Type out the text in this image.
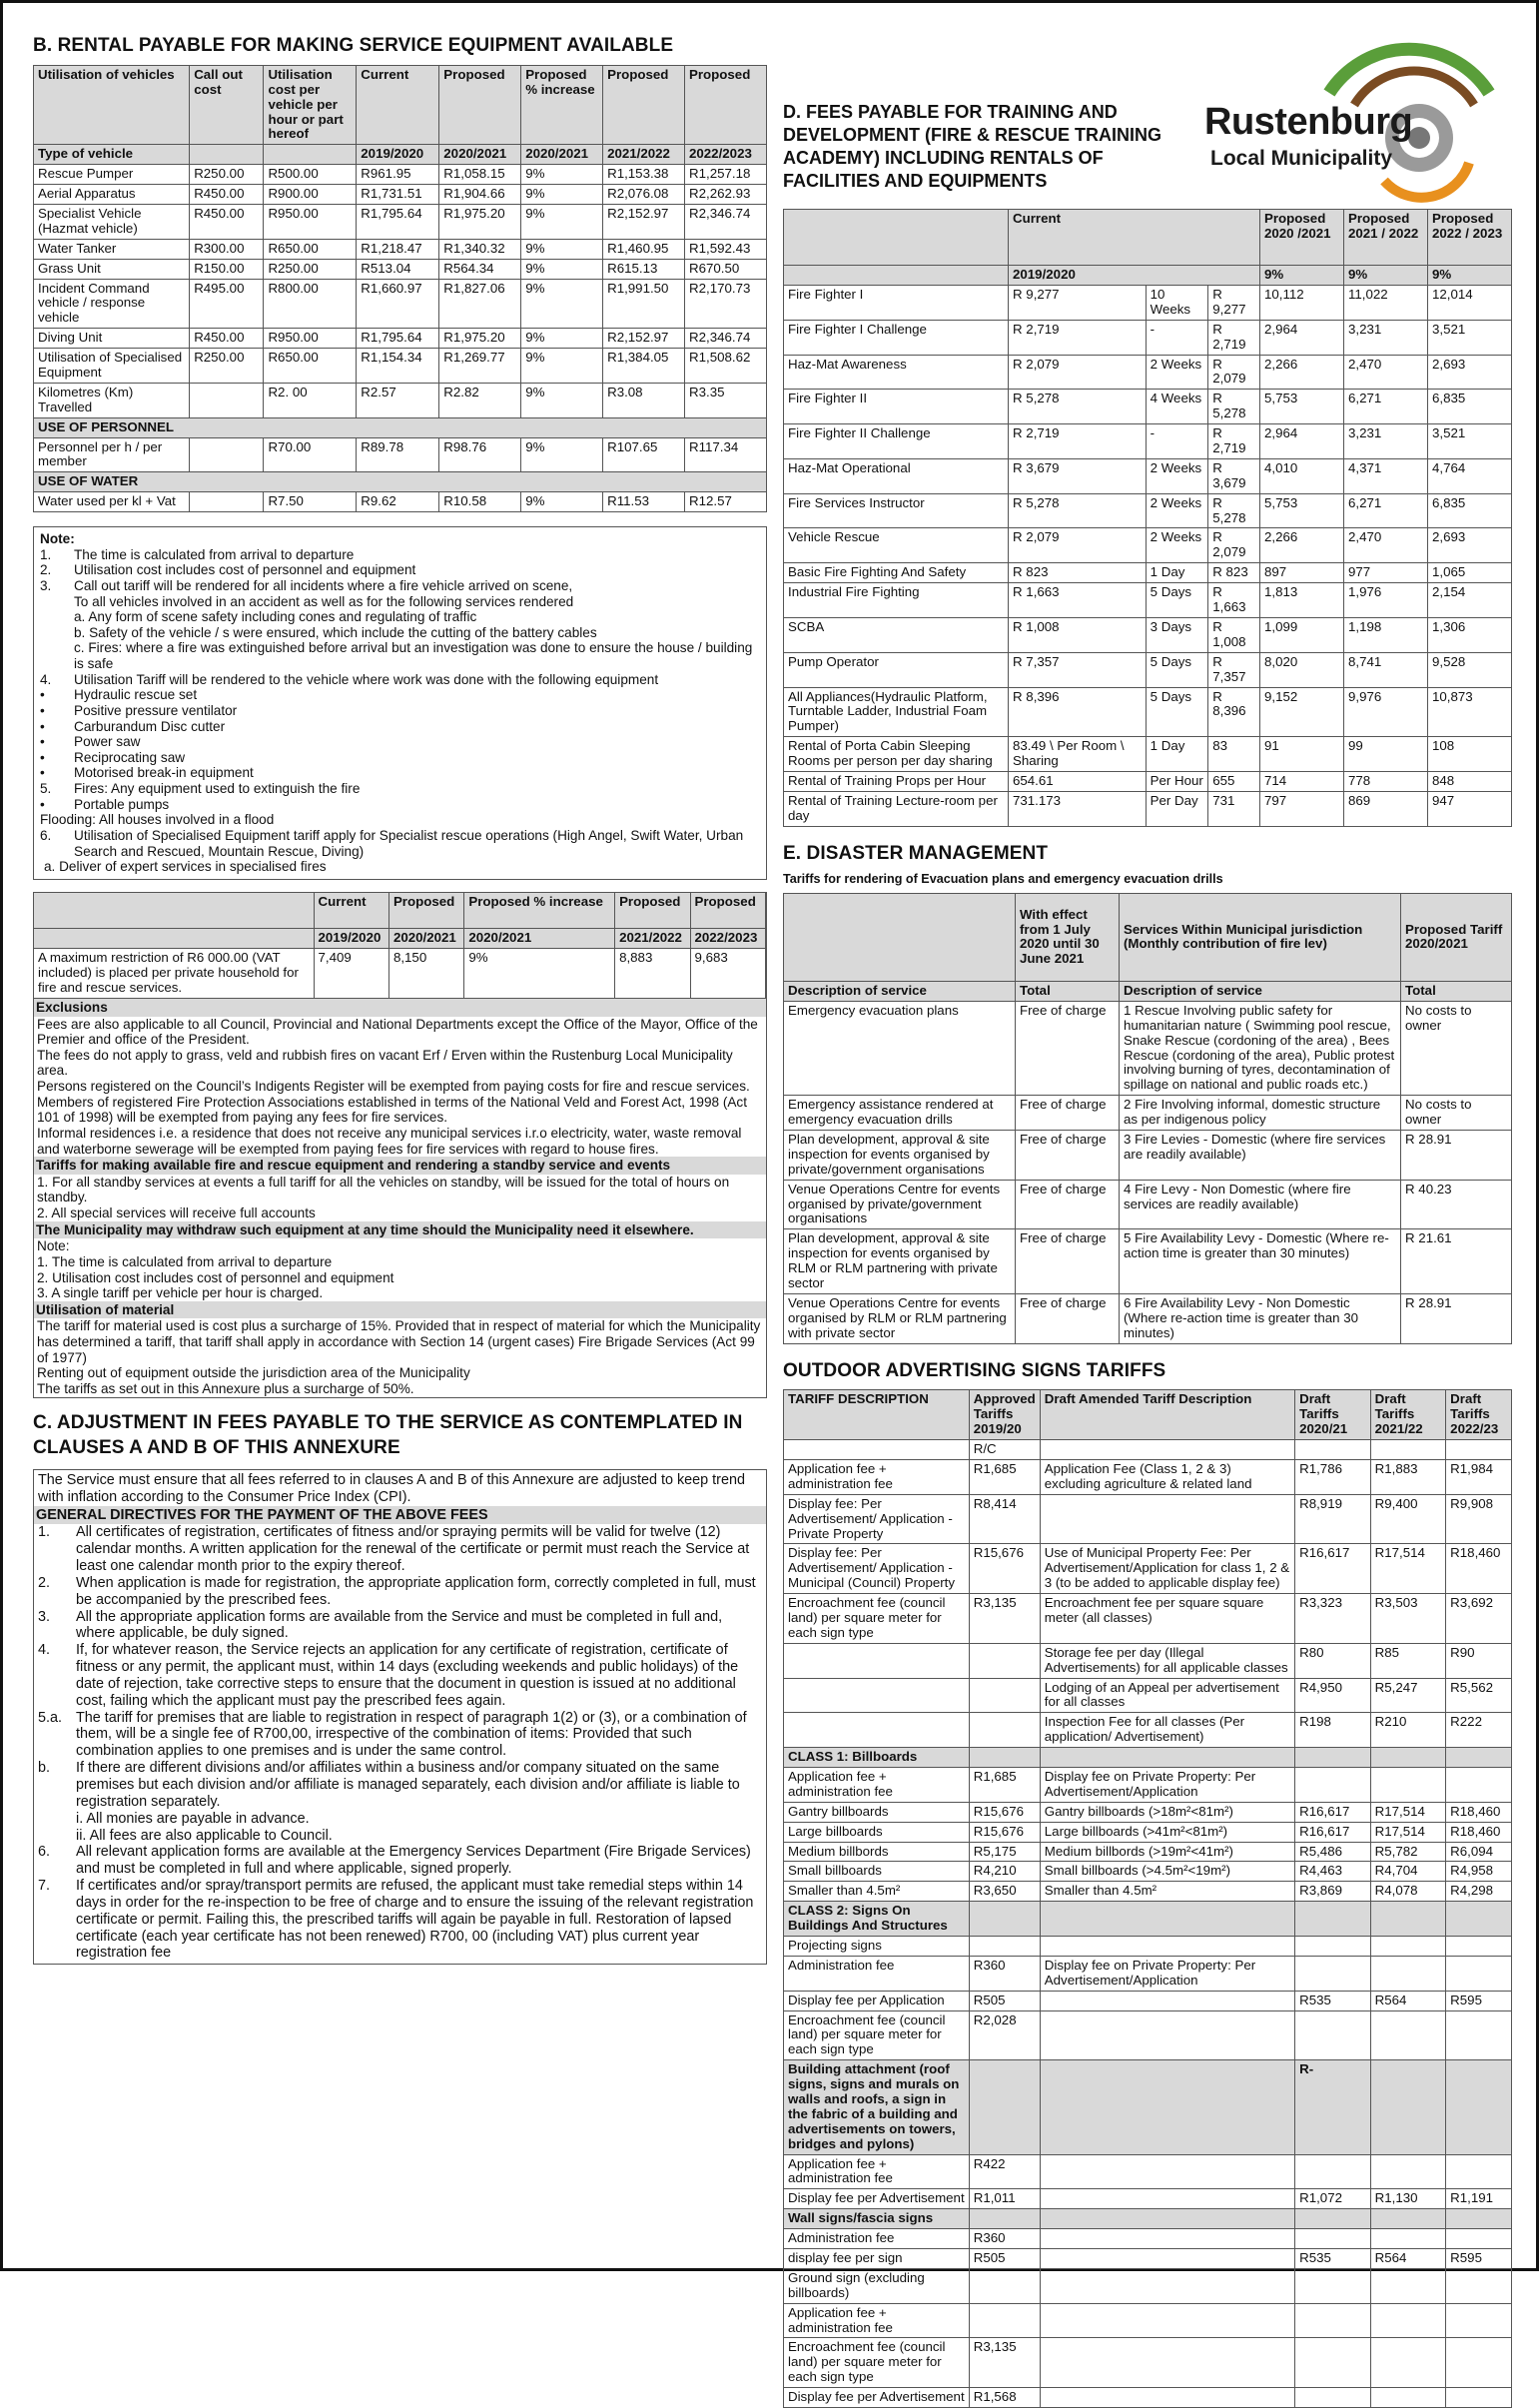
B. RENTAL PAYABLE FOR MAKING SERVICE EQUIPMENT AVAILABLE
Utilisation of vehicles	Call out cost	Utilisation cost per vehicle per hour or part hereof	Current	Proposed	Proposed % increase	Proposed	Proposed
Type of vehicle			2019/2020	2020/2021	2020/2021	2021/2022	2022/2023
Rescue Pumper	R250.00	R500.00	R961.95	R1,058.15	9%	R1,153.38	R1,257.18
Aerial Apparatus	R450.00	R900.00	R1,731.51	R1,904.66	9%	R2,076.08	R2,262.93
Specialist Vehicle (Hazmat vehicle)	R450.00	R950.00	R1,795.64	R1,975.20	9%	R2,152.97	R2,346.74
Water Tanker	R300.00	R650.00	R1,218.47	R1,340.32	9%	R1,460.95	R1,592.43
Grass Unit	R150.00	R250.00	R513.04	R564.34	9%	R615.13	R670.50
Incident Command vehicle / response vehicle	R495.00	R800.00	R1,660.97	R1,827.06	9%	R1,991.50	R2,170.73
Diving Unit	R450.00	R950.00	R1,795.64	R1,975.20	9%	R2,152.97	R2,346.74
Utilisation of Specialised Equipment	R250.00	R650.00	R1,154.34	R1,269.77	9%	R1,384.05	R1,508.62
Kilometres (Km) Travelled		R2. 00	R2.57	R2.82	9%	R3.08	R3.35
USE OF PERSONNEL							
Personnel per h / per member		R70.00	R89.78	R98.76	9%	R107.65	R117.34
USE OF WATER							
Water used per kl + Vat		R7.50	R9.62	R10.58	9%	R11.53	R12.57
Note:
1.	The time is calculated from arrival to departure
2.	Utilisation cost includes cost of personnel and equipment
3.	Call out tariff will be rendered for all incidents where a fire vehicle arrived on scene,
To all vehicles involved in an accident as well as for the following services rendered
a. Any form of scene safety including cones and regulating of traffic
b. Safety of the vehicle / s were ensured, which include the cutting of the battery cables
c. Fires: where a fire was extinguished before arrival but an investigation was done to ensure the house / building is safe
4.	Utilisation Tariff will be rendered to the vehicle where work was done with the following equipment
•	Hydraulic rescue set
•	Positive pressure ventilator
•	Carburandum Disc cutter
•	Power saw
•	Reciprocating saw
•	Motorised break-in equipment
5.	Fires: Any equipment used to extinguish the fire
•	Portable pumps
Flooding: All houses involved in a flood
6.	Utilisation of Specialised Equipment tariff apply for Specialist rescue operations (High Angel, Swift Water, Urban Search and Rescued, Mountain Rescue, Diving)
a. Deliver of expert services in specialised fires
	Current	Proposed	Proposed % increase	Proposed	Proposed
	2019/2020	2020/2021	2020/2021	2021/2022	2022/2023
A maximum restriction of R6 000.00 (VAT included) is placed per private household for fire and rescue services.	7,409	8,150	9%	8,883	9,683
Exclusions
Fees are also applicable to all Council, Provincial and National Departments except the Office of the Mayor, Office of the Premier and office of the President.
The fees do not apply to grass, veld and rubbish fires on vacant Erf / Erven within the Rustenburg Local Municipality area.
Persons registered on the Council’s Indigents Register will be exempted from paying costs for fire and rescue services.
Members of registered Fire Protection Associations established in terms of the National Veld and Forest Act, 1998 (Act 101 of 1998) will be exempted from paying any fees for fire services.
Informal residences i.e. a residence that does not receive any municipal services i.r.o electricity, water, waste removal and waterborne sewerage will be exempted from paying fees for fire services with regard to house fires.
Tariffs for making available fire and rescue equipment and rendering a standby service and events
1. For all standby services at events a full tariff for all the vehicles on standby, will be issued for the total of hours on standby.
2. All special services will receive full accounts
The Municipality may withdraw such equipment at any time should the Municipality need it elsewhere.
Note:
1. The time is calculated from arrival to departure
2. Utilisation cost includes cost of personnel and equipment
3. A single tariff per vehicle per hour is charged.
Utilisation of material
The tariff for material used is cost plus a surcharge of 15%. Provided that in respect of material for which the Municipality has determined a tariff, that tariff shall apply in accordance with Section 14 (urgent cases) Fire Brigade Services (Act 99 of 1977)
Renting out of equipment outside the jurisdiction area of the Municipality
The tariffs as set out in this Annexure plus a surcharge of 50%.
C. ADJUSTMENT IN FEES PAYABLE TO THE SERVICE AS CONTEMPLATED IN CLAUSES A AND B OF THIS ANNEXURE
The Service must ensure that all fees referred to in clauses A and B of this Annexure are adjusted to keep trend with inflation according to the Consumer Price Index (CPI).
GENERAL DIRECTIVES FOR THE PAYMENT OF THE ABOVE FEES
1.	All certificates of registration, certificates of fitness and/or spraying permits will be valid for twelve (12) calendar months. A written application for the renewal of the certificate or permit must reach the Service at least one calendar month prior to the expiry thereof.
2.	When application is made for registration, the appropriate application form, correctly completed in full, must be accompanied by the prescribed fees.
3.	All the appropriate application forms are available from the Service and must be completed in full and, where applicable, be duly signed.
4.	If, for whatever reason, the Service rejects an application for any certificate of registration, certificate of fitness or any permit, the applicant must, within 14 days (excluding weekends and public holidays) of the date of rejection, take corrective steps to ensure that the document in question is issued at no additional cost, failing which the applicant must pay the prescribed fees again.
5.a. The tariff for premises that are liable to registration in respect of paragraph 1(2) or (3), or a combination of them, will be a single fee of R700,00, irrespective of the combination of items: Provided that such combination applies to one premises and is under the same control.
b.	If there are different divisions and/or affiliates within a business and/or company situated on the same premises but each division and/or affiliate is managed separately, each division and/or affiliate is liable to registration separately.
i. All monies are payable in advance.
ii. All fees are also applicable to Council.
6.	All relevant application forms are available at the Emergency Services Department (Fire Brigade Services) and must be completed in full and where applicable, signed properly.
7.	If certificates and/or spray/transport permits are refused, the applicant must take remedial steps within 14 days in order for the re-inspection to be free of charge and to ensure the issuing of the relevant registration certificate or permit. Failing this, the prescribed tariffs will again be payable in full. Restoration of lapsed certificate (each year certificate has not been renewed) R700, 00 (including VAT) plus current year registration fee
Rustenburg
Local Municipality
D. FEES PAYABLE FOR TRAINING AND DEVELOPMENT (FIRE & RESCUE TRAINING ACADEMY) INCLUDING RENTALS OF FACILITIES AND EQUIPMENTS
	Current			Proposed 2020 /2021	Proposed 2021 / 2022	Proposed 2022 / 2023
	2019/2020			9%	9%	9%
Fire Fighter I	R 9,277	10 Weeks	R 9,277	10,112	11,022	12,014
Fire Fighter I Challenge	R 2,719	-	R 2,719	2,964	3,231	3,521
Haz-Mat Awareness	R 2,079	2 Weeks	R 2,079	2,266	2,470	2,693
Fire Fighter II	R 5,278	4 Weeks	R 5,278	5,753	6,271	6,835
Fire Fighter II Challenge	R 2,719	-	R 2,719	2,964	3,231	3,521
Haz-Mat Operational	R 3,679	2 Weeks	R 3,679	4,010	4,371	4,764
Fire Services Instructor	R 5,278	2 Weeks	R 5,278	5,753	6,271	6,835
Vehicle Rescue	R 2,079	2 Weeks	R 2,079	2,266	2,470	2,693
Basic Fire Fighting And Safety	R 823	1 Day	R 823	897	977	1,065
Industrial Fire Fighting	R 1,663	5 Days	R 1,663	1,813	1,976	2,154
SCBA	R 1,008	3 Days	R 1,008	1,099	1,198	1,306
Pump Operator	R 7,357	5 Days	R 7,357	8,020	8,741	9,528
All Appliances(Hydraulic Platform, Turntable Ladder, Industrial Foam Pumper)	R 8,396	5 Days	R 8,396	9,152	9,976	10,873
Rental of Porta Cabin Sleeping Rooms per person per day sharing	83.49 \ Per Room \ Sharing	1 Day	83	91	99	108
Rental of Training Props per Hour	654.61	Per Hour	655	714	778	848
Rental of Training Lecture-room per day	731.173	Per Day	731	797	869	947
E. DISASTER MANAGEMENT
Tariffs for rendering of Evacuation plans and emergency evacuation drills
	With effect from 1 July 2020 until 30 June 2021	Services Within Municipal jurisdiction (Monthly contribution of fire lev)	Proposed Tariff 2020/2021
Description of service	Total	Description of service	Total
Emergency evacuation plans	Free of charge	1 Rescue Involving public safety for humanitarian nature ( Swimming pool rescue, Snake Rescue (cordoning of the area) , Bees Rescue (cordoning of the area), Public protest involving burning of tyres, decontamination of spillage on national and public roads etc.)	No costs to owner
Emergency assistance rendered at emergency evacuation drills	Free of charge	2 Fire Involving informal, domestic structure as per indigenous policy	No costs to owner
Plan development, approval & site inspection for events organised by private/government organisations	Free of charge	3 Fire Levies - Domestic (where fire services are readily available)	R 28.91
Venue Operations Centre for events organised by private/government organisations	Free of charge	4 Fire Levy - Non Domestic (where fire services are readily available)	R 40.23
Plan development, approval & site inspection for events organised by RLM or RLM partnering with private sector	Free of charge	5 Fire Availability Levy - Domestic (Where re-action time is greater than 30 minutes)	R 21.61
Venue Operations Centre for events organised by RLM or RLM partnering with private sector	Free of charge	6 Fire Availability Levy - Non Domestic (Where re-action time is greater than 30 minutes)	R 28.91
OUTDOOR ADVERTISING SIGNS TARIFFS
TARIFF DESCRIPTION	Approved Tariffs 2019/20	Draft Amended Tariff Description	Draft Tariffs 2020/21	Draft Tariffs 2021/22	Draft Tariffs 2022/23
	R/C				
Application fee + administration fee	R1,685	Application Fee (Class 1, 2 & 3) excluding agriculture & related land	R1,786	R1,883	R1,984
Display fee: Per Advertisement/ Application - Private Property	R8,414		R8,919	R9,400	R9,908
Display fee: Per Advertisement/ Application - Municipal (Council) Property	R15,676	Use of Municipal Property Fee: Per Advertisement/Application for class 1, 2 & 3 (to be added to applicable display fee)	R16,617	R17,514	R18,460
Encroachment fee (council land) per square meter for each sign type	R3,135	Encroachment fee per square square meter (all classes)	R3,323	R3,503	R3,692
		Storage fee per day (Illegal Advertisements) for all applicable classes	R80	R85	R90
		Lodging of an Appeal per advertisement for all classes	R4,950	R5,247	R5,562
		Inspection Fee for all classes (Per application/ Advertisement)	R198	R210	R222
CLASS 1: Billboards					
Application fee + administration fee	R1,685	Display fee on Private Property: Per Advertisement/Application			
Gantry billboards	R15,676	Gantry billboards (>18m²<81m²)	R16,617	R17,514	R18,460
Large billboards	R15,676	Large billboards (>41m²<81m²)	R16,617	R17,514	R18,460
Medium billbords	R5,175	Medium billbords (>19m²<41m²)	R5,486	R5,782	R6,094
Small billboards	R4,210	Small billboards (>4.5m²<19m²)	R4,463	R4,704	R4,958
Smaller than 4.5m²	R3,650	Smaller than 4.5m²	R3,869	R4,078	R4,298
CLASS 2: Signs On Buildings And Structures					
Projecting signs					
Administration fee	R360	Display fee on Private Property: Per Advertisement/Application			
Display fee per Application	R505		R535	R564	R595
Encroachment fee (council land) per square meter for each sign type	R2,028				
Building attachment (roof signs, signs and murals on walls and roofs, a sign in the fabric of a building and advertisements on towers, bridges and pylons)			R-		
Application fee + administration fee	R422				
Display fee per Advertisement	R1,011		R1,072	R1,130	R1,191
Wall signs/fascia signs					
Administration fee	R360				
display fee per sign	R505		R535	R564	R595
Ground sign (excluding billboards)					
Application fee + administration fee					
Encroachment fee (council land) per square meter for each sign type	R3,135				
Display fee per Advertisement	R1,568				
